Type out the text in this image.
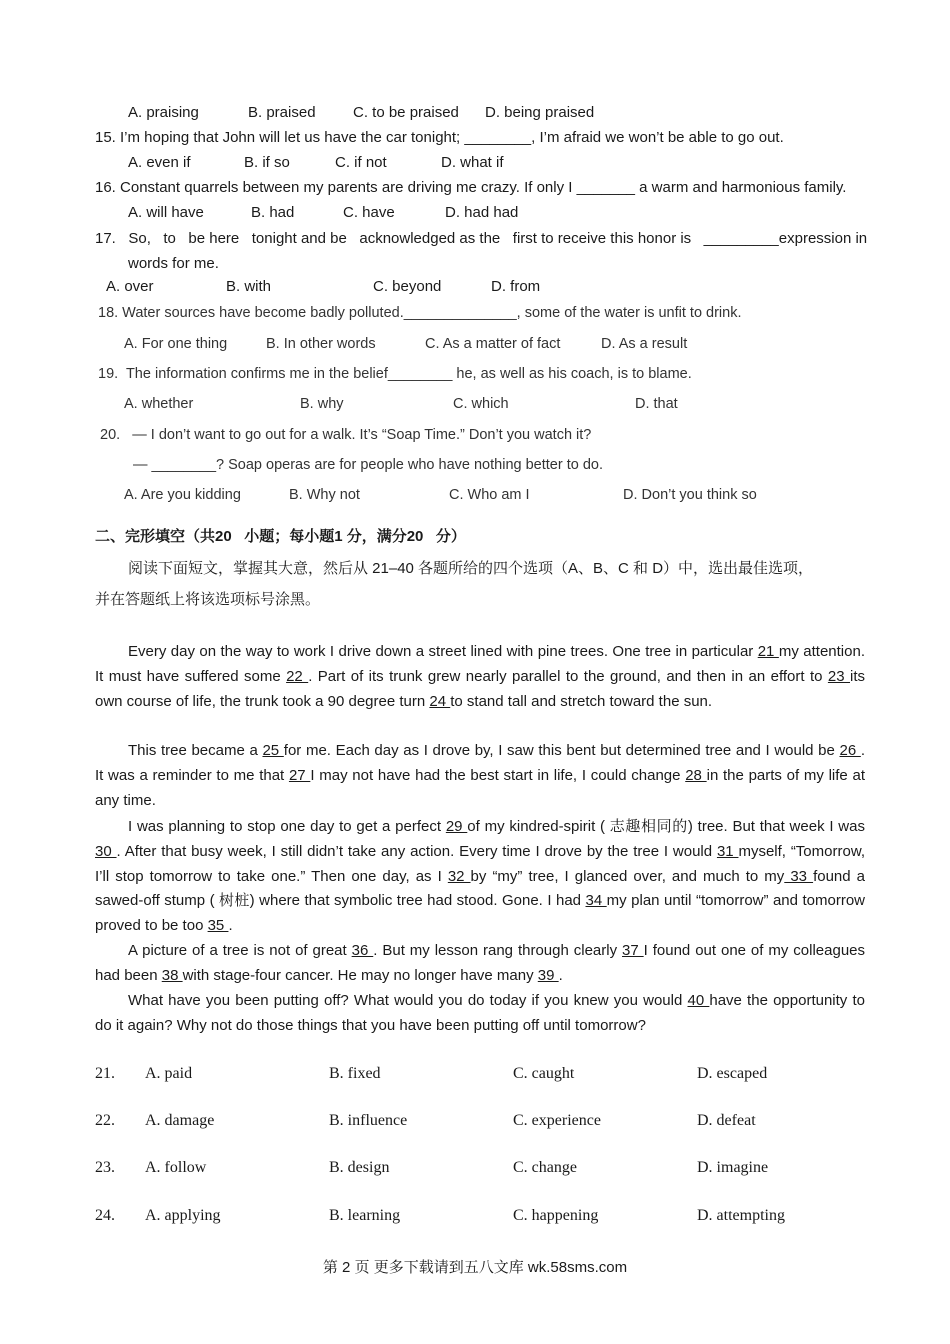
A. praising	B. praised C. to be praised D. being praised
15. I’m hoping that John will let us have the car tonight; ________, I’m afraid we won’t be able to go out.
A. even if	B. if so	C. if not	D. what if
16. Constant quarrels between my parents are driving me crazy. If only I _______ a warm and harmonious family.
A. will have	B. had	C. have	D. had had
17.   So,   to   be here   tonight and be   acknowledged as the   first to receive this honor is   _________expression in
words for me.
A. over	B. with	C. beyond	D. from
18. Water sources have become badly polluted.______________, some of the water is unfit to drink.
A. For one thing	B. In other words	C. As a matter of fact	D. As a result
19.  The information confirms me in the belief________ he, as well as his coach, is to blame.
A. whether	B. why	C. which	D. that
20.   — I don’t want to go out for a walk. It’s “Soap Time.” Don’t you watch it?
— ________? Soap operas are for people who have nothing better to do.
A. Are you kidding	B. Why not	C. Who am I	D. Don’t you think so
二、完形填空（共20   小题；每小题1 分，满分20   分）
阅读下面短文，掌握其大意，然后从 21–40 各题所给的四个选项（A、B、C 和 D）中，选出最佳选项，
并在答题纸上将该选项标号涂黑。
Every day on the way to work I drive down a street lined with pine trees. One tree in particular 21 my attention. It must have suffered some 22 . Part of its trunk grew nearly parallel to the ground, and then in an effort to 23 its own course of life, the trunk took a 90 degree turn 24 to stand tall and stretch toward the sun.
This tree became a 25 for me. Each day as I drove by, I saw this bent but determined tree and I would be 26 . It was a reminder to me that 27 I may not have had the best start in life, I could change 28 in the parts of my life at any time.
I was planning to stop one day to get a perfect 29 of my kindred-spirit ( 志趣相同的) tree. But that week I was 30 . After that busy week, I still didn’t take any action. Every time I drove by the tree I would 31 myself, “Tomorrow, I’ll stop tomorrow to take one.” Then one day, as I 32 by “my” tree, I glanced over, and much to my 33 found a sawed-off stump ( 树桩) where that symbolic tree had stood. Gone. I had 34 my plan until “tomorrow” and tomorrow proved to be too 35 .
A picture of a tree is not of great 36 . But my lesson rang through clearly 37 I found out one of my colleagues had been 38 with stage-four cancer. He may no longer have many 39 .
What have you been putting off? What would you do today if you knew you would 40 have the opportunity to do it again? Why not do those things that you have been putting off until tomorrow?
21. A. paid	B. fixed	C. caught	D. escaped
22. A. damage	B. influence	C. experience	D. defeat
23. A. follow	B. design	C. change	D. imagine
24. A. applying	B. learning	C. happening	D. attempting
第 2 页 更多下载请到五八文库 wk.58sms.com
